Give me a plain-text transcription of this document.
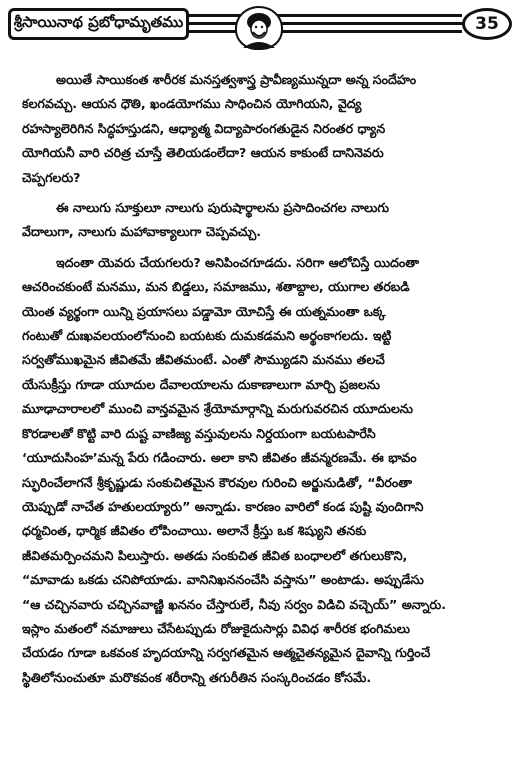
శ్రీసాయినాథ ప్రబోధామృతము	35
అయితే సాయికంత శారీరక మనస్తత్వశాస్త్ర ప్రావీణ్యమున్నదా అన్న సందేహం
కలగవచ్చు. ఆయన ధౌతి, ఖండయోగము సాధించిన యోగియని, వైద్య
రహస్యాలెరిగిన సిద్ధహస్తుడని, ఆధ్యాత్మ విద్యాపారంగతుడైన నిరంతర ధ్యాన
యోగియనీ వారి చరిత్ర చూస్తే తెలియడంలేదా? ఆయన కాకుంటే దానినెవరు
చెప్పగలరు?
ఈ నాలుగు సూక్తులూ నాలుగు పురుషార్థాలను ప్రసాదించగల నాలుగు
వేదాలుగా, నాలుగు మహావాక్యాలుగా చెప్పవచ్చు.
ఇదంతా యెవరు చేయగలరు? అనిపించగూడదు. సరిగా ఆలోచిస్తే యిదంతా
ఆచరించకుంటే మనము, మన బిడ్డలు, సమాజము, శతాబ్దాల, యుగాల తరబడి
యెంత వ్యర్థంగా యిన్ని ప్రయాసలు పడ్డామో యోచిస్తే ఈ యత్నమంతా ఒక్క
గంటుతో దుఃఖవలయంలోనుంచి బయటకు దుమకడమని అర్థంకాగలదు. ఇట్టి
సర్వతోముఖమైన జీవితమే జీవితమంటే. ఎంతో సౌమ్యుడని మనము తలచే
యేసుక్రీస్తు గూడా యూదుల దేవాలయాలను దుకాణాలుగా మార్చి ప్రజలను
మూఢాచారాలలో ముంచి వాన్తవమైన శ్రేయోమార్గాన్ని మరుగువరచిన యూదులను
కొరడాలతో కొట్టి వారి దుష్ట వాణిజ్య వస్తువులను నిర్దయంగా బయటపారేసి
‘యూదుసింహ’మన్న పేరు గడించారు. అలా కాని జీవితం జీవన్మరణమే. ఈ భావం
స్ఫురించేలాగనే శ్రీకృష్ణుడు సంకుచితమైన కౌరవుల గురించి అర్జునుడితో, “వీరంతా
యెప్పుడో నాచేత హతులయ్యారు” అన్నాడు. కారణం వారిలో కండ పుష్టి వుందిగాని
ధర్మచింత, ధార్మిక జీవితం లోపించాయి. అలానే క్రీస్తు ఒక శిష్యుని తనకు
జీవితమర్పించమని పిలుస్తారు. అతడు సంకుచిత జీవిత బంధాలలో తగులుకొని,
“మావాడు ఒకడు చనిపోయాడు. వానినిఖననంచేసి వస్తాను” అంటాడు. అప్పుడేసు
“ఆ చచ్చినవారు చచ్చినవాణ్ణి ఖననం చేస్తారులే, నీవు సర్వం విడిచి వచ్చెయ్” అన్నారు.
ఇస్లాం మతంలో నమాజులు చేసేటప్పుడు రోజుకైదుసార్లు వివిధ శారీరక భంగిమలు
చేయడం గూడా ఒకవంక హృదయాన్ని సర్వగతమైన ఆత్మచైతన్యమైన దైవాన్ని గుర్తించే
స్థితిలోనుంచుతూ మరొకవంక శరీరాన్ని తగురీతిన సంస్కరించడం కోసమే.
